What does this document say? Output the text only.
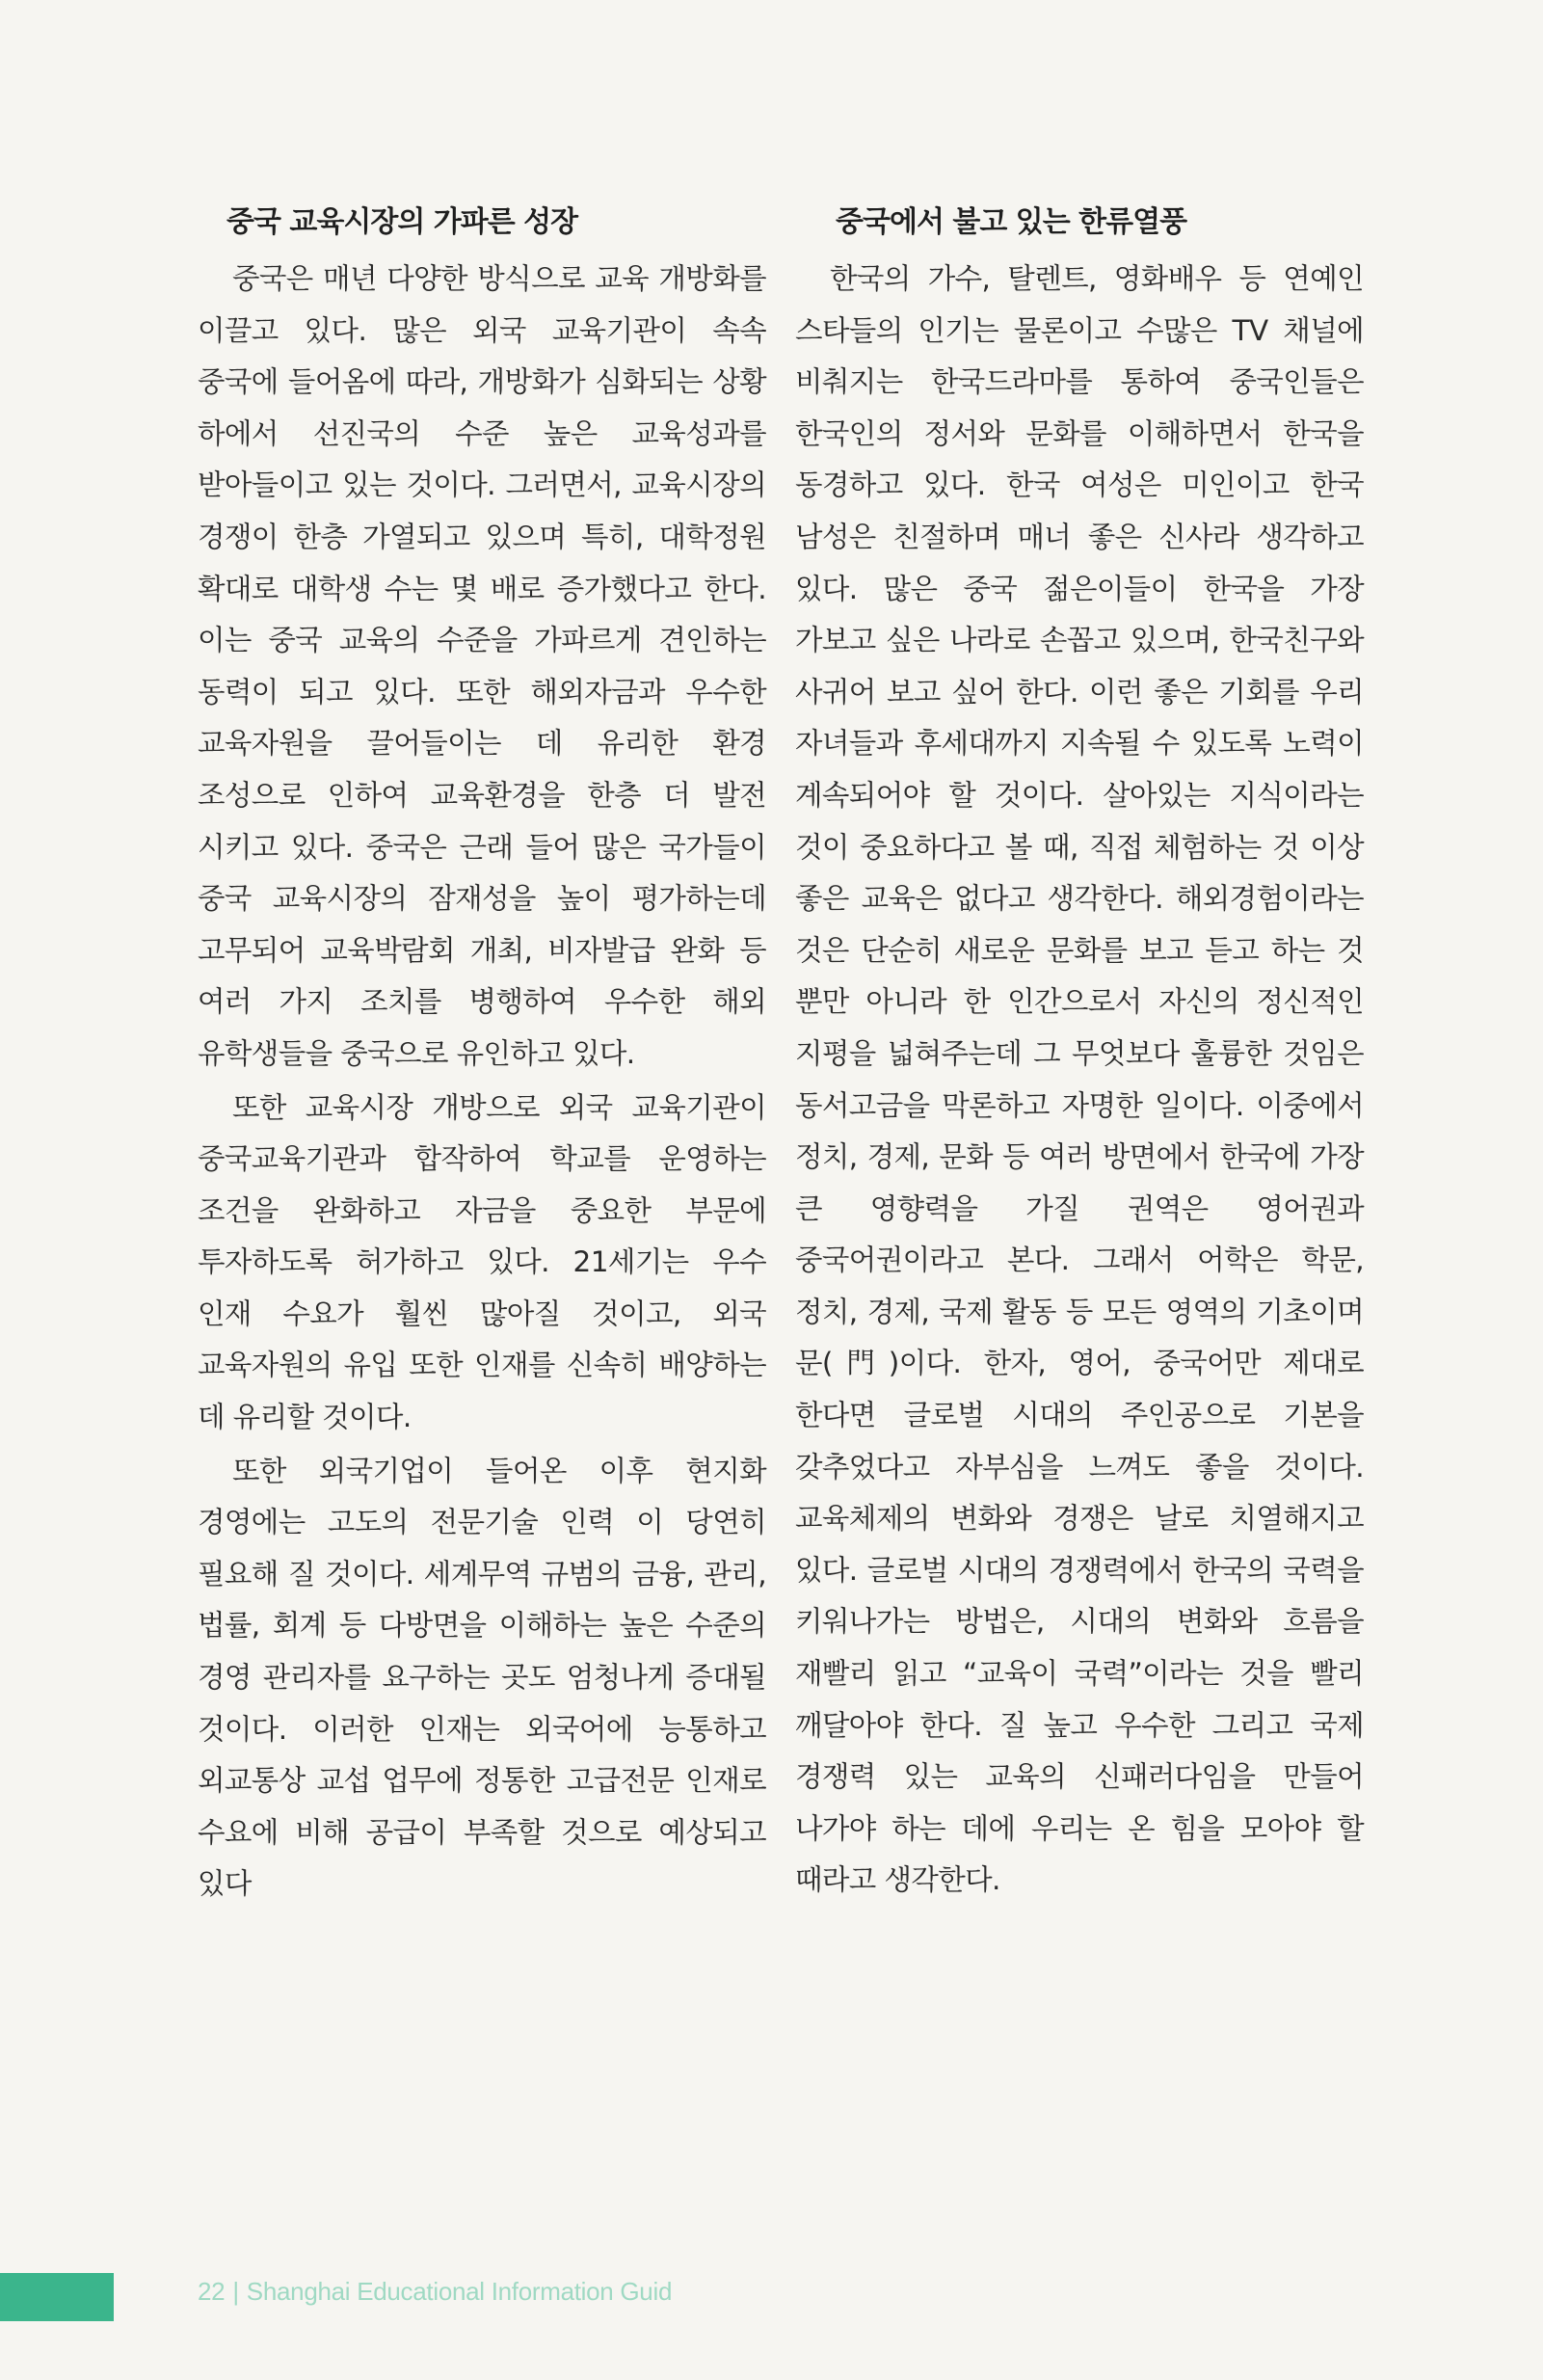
중국 교육시장의 가파른 성장

중국은 매년 다양한 방식으로 교육 개방화를 이끌고 있다. 많은 외국 교육기관이 속속 중국에 들어옴에 따라, 개방화가 심화되는 상황 하에서 선진국의 수준 높은 교육성과를 받아들이고 있는 것이다. 그러면서, 교육시장의 경쟁이 한층 가열되고 있으며 특히, 대학정원 확대로 대학생 수는 몇 배로 증가했다고 한다. 이는 중국 교육의 수준을 가파르게 견인하는 동력이 되고 있다. 또한 해외자금과 우수한 교육자원을 끌어들이는 데 유리한 환경 조성으로 인하여 교육환경을 한층 더 발전 시키고 있다. 중국은 근래 들어 많은 국가들이 중국 교육시장의 잠재성을 높이 평가하는데 고무되어 교육박람회 개최, 비자발급 완화 등 여러 가지 조치를 병행하여 우수한 해외 유학생들을 중국으로 유인하고 있다.

또한 교육시장 개방으로 외국 교육기관이 중국교육기관과 합작하여 학교를 운영하는 조건을 완화하고 자금을 중요한 부문에 투자하도록 허가하고 있다. 21세기는 우수 인재 수요가 훨씬 많아질 것이고, 외국 교육자원의 유입 또한 인재를 신속히 배양하는 데 유리할 것이다.

또한 외국기업이 들어온 이후 현지화 경영에는 고도의 전문기술 인력 이 당연히 필요해 질 것이다. 세계무역 규범의 금융, 관리, 법률, 회계 등 다방면을 이해하는 높은 수준의 경영 관리자를 요구하는 곳도 엄청나게 증대될 것이다. 이러한 인재는 외국어에 능통하고 외교통상 교섭 업무에 정통한 고급전문 인재로 수요에 비해 공급이 부족할 것으로 예상되고 있다

중국에서 불고 있는 한류열풍

한국의 가수, 탈렌트, 영화배우 등 연예인 스타들의 인기는 물론이고 수많은 TV 채널에 비춰지는 한국드라마를 통하여 중국인들은 한국인의 정서와 문화를 이해하면서 한국을 동경하고 있다. 한국 여성은 미인이고 한국 남성은 친절하며 매너 좋은 신사라 생각하고 있다. 많은 중국 젊은이들이 한국을 가장 가보고 싶은 나라로 손꼽고 있으며, 한국친구와 사귀어 보고 싶어 한다. 이런 좋은 기회를 우리 자녀들과 후세대까지 지속될 수 있도록 노력이 계속되어야 할 것이다. 살아있는 지식이라는 것이 중요하다고 볼 때, 직접 체험하는 것 이상 좋은 교육은 없다고 생각한다. 해외경험이라는 것은 단순히 새로운 문화를 보고 듣고 하는 것 뿐만 아니라 한 인간으로서 자신의 정신적인 지평을 넓혀주는데 그 무엇보다 훌륭한 것임은 동서고금을 막론하고 자명한 일이다. 이중에서 정치, 경제, 문화 등 여러 방면에서 한국에 가장 큰 영향력을 가질 권역은 영어권과 중국어권이라고 본다. 그래서 어학은 학문, 정치, 경제, 국제 활동 등 모든 영역의 기초이며 문(門)이다. 한자, 영어, 중국어만 제대로 한다면 글로벌 시대의 주인공으로 기본을 갖추었다고 자부심을 느껴도 좋을 것이다. 교육체제의 변화와 경쟁은 날로 치열해지고 있다. 글로벌 시대의 경쟁력에서 한국의 국력을 키워나가는 방법은, 시대의 변화와 흐름을 재빨리 읽고 “교육이 국력”이라는 것을 빨리 깨달아야 한다. 질 높고 우수한 그리고 국제 경쟁력 있는 교육의 신패러다임을 만들어 나가야 하는 데에 우리는 온 힘을 모아야 할 때라고 생각한다.

22 | Shanghai Educational Information Guid
